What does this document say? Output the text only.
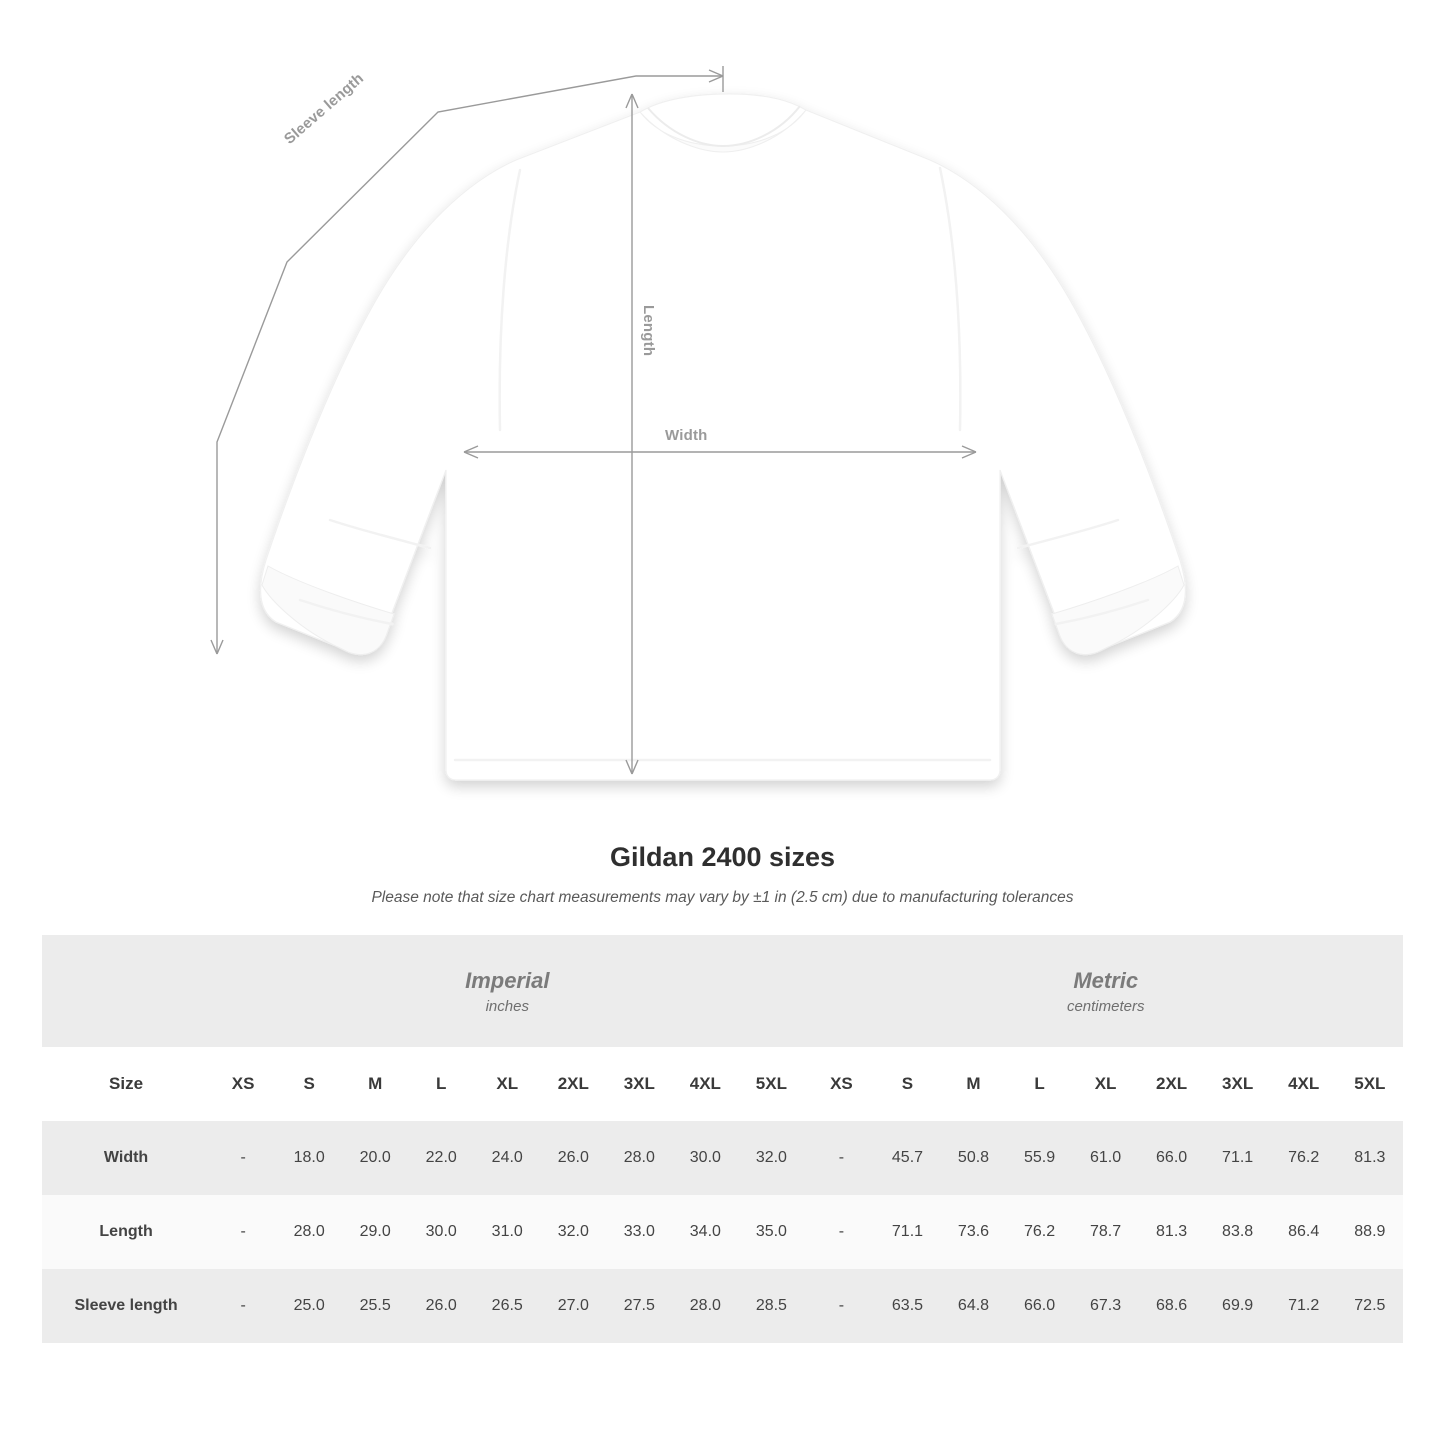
Sleeve length
Length
Width
Gildan 2400 sizes
Please note that size chart measurements may vary by ±1 in (2.5 cm) due to manufacturing tolerances

Imperial
inches

Metric
centimeters

Size	XS	S	M	L	XL	2XL	3XL	4XL	5XL		XS	S	M	L	XL	2XL	3XL	4XL	5XL
Width	-	18.0	20.0	22.0	24.0	26.0	28.0	30.0	32.0		-	45.7	50.8	55.9	61.0	66.0	71.1	76.2	81.3
Length	-	28.0	29.0	30.0	31.0	32.0	33.0	34.0	35.0		-	71.1	73.6	76.2	78.7	81.3	83.8	86.4	88.9
Sleeve length	-	25.0	25.5	26.0	26.5	27.0	27.5	28.0	28.5		-	63.5	64.8	66.0	67.3	68.6	69.9	71.2	72.5
